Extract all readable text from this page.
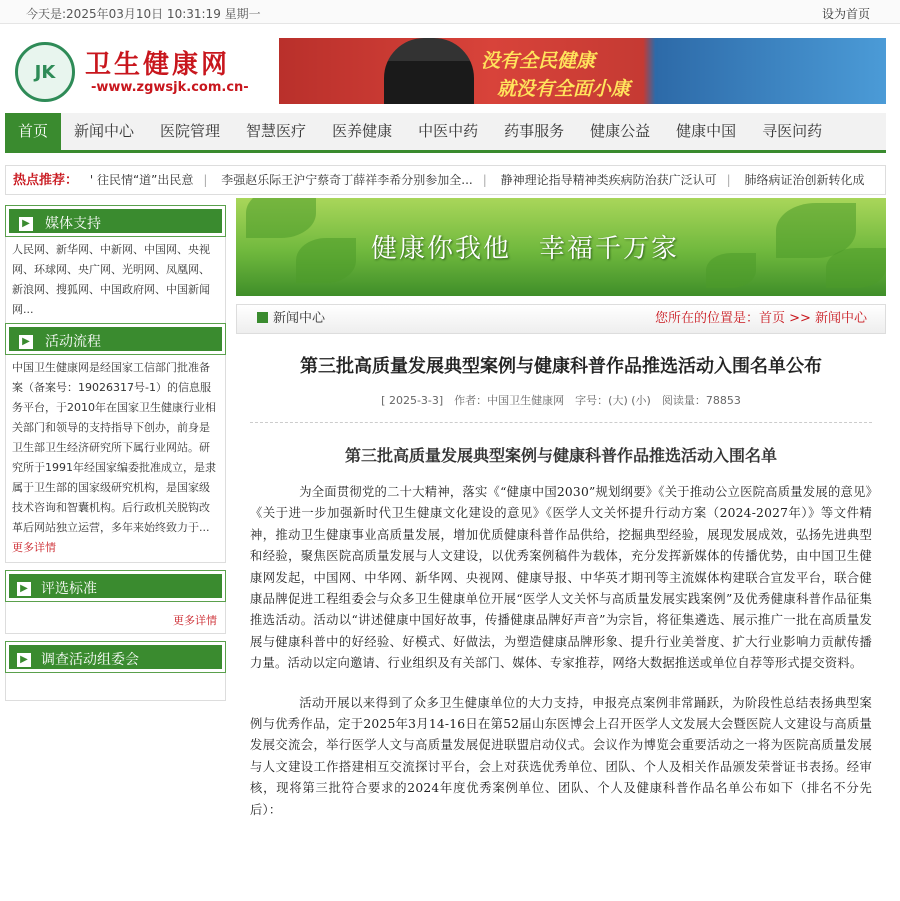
今天是:2025年03月10日 10:31:19 星期一	设为首页
JK	卫生健康网
-www.zgwsjk.com.cn-
没有全民健康
就没有全面小康
首页	新闻中心	医院管理	智慧医疗	医养健康	中医中药	药事服务	健康公益	健康中国	寻医问药
热点推荐： ' 往民情“道”出民意 | 李强赵乐际王沪宁蔡奇丁薛祥李希分别参加全... | 静神理论指导精神类疾病防治获广泛认可 | 肺络病证治创新转化成
▶ 媒体支持
人民网、新华网、中新网、中国网、央视网、环球网、央广网、光明网、凤凰网、新浪网、搜狐网、中国政府网、中国新闻网...
▶ 活动流程
中国卫生健康网是经国家工信部门批准备案（备案号：19026317号-1）的信息服务平台，于2010年在国家卫生健康行业相关部门和领导的支持指导下创办，前身是卫生部卫生经济研究所下属行业网站。研究所于1991年经国家编委批准成立，是隶属于卫生部的国家级研究机构，是国家级技术咨询和智囊机构。后行政机关脱钩改革后网站独立运营，多年来始终致力于...更多详情
▶ 评选标准
更多详情
▶ 调查活动组委会
健康你我他　幸福千万家
新闻中心	您所在的位置是：首页 >> 新闻中心
第三批高质量发展典型案例与健康科普作品推选活动入围名单公布
[ 2025-3-3]　作者：中国卫生健康网　字号：(大) (小)　阅读量：78853
第三批高质量发展典型案例与健康科普作品推选活动入围名单

为全面贯彻党的二十大精神，落实《“健康中国2030”规划纲要》《关于推动公立医院高质量发展的意见》《关于进一步加强新时代卫生健康文化建设的意见》《医学人文关怀提升行动方案（2024-2027年）》等文件精神，推动卫生健康事业高质量发展，增加优质健康科普作品供给，挖掘典型经验，展现发展成效，弘扬先进典型和经验，聚焦医院高质量发展与人文建设，以优秀案例稿件为载体，充分发挥新媒体的传播优势，由中国卫生健康网发起，中国网、中华网、新华网、央视网、健康导报、中华英才期刊等主流媒体构建联合宣发平台，联合健康品牌促进工程组委会与众多卫生健康单位开展“医学人文关怀与高质量发展实践案例”及优秀健康科普作品征集推选活动。活动以“讲述健康中国好故事，传播健康品牌好声音”为宗旨，将征集遴选、展示推广一批在高质量发展与健康科普中的好经验、好模式、好做法，为塑造健康品牌形象、提升行业美誉度、扩大行业影响力贡献传播力量。活动以定向邀请、行业组织及有关部门、媒体、专家推荐，网络大数据推送或单位自荐等形式提交资料。

活动开展以来得到了众多卫生健康单位的大力支持，申报亮点案例非常踊跃，为阶段性总结表扬典型案例与优秀作品，定于2025年3月14-16日在第52届山东医博会上召开医学人文发展大会暨医院人文建设与高质量发展交流会，举行医学人文与高质量发展促进联盟启动仪式。会议作为博览会重要活动之一将为医院高质量发展与人文建设工作搭建相互交流探讨平台，会上对获选优秀单位、团队、个人及相关作品颁发荣誉证书表扬。经审核，现将第三批符合要求的2024年度优秀案例单位、团队、个人及健康科普作品名单公布如下（排名不分先后）：
